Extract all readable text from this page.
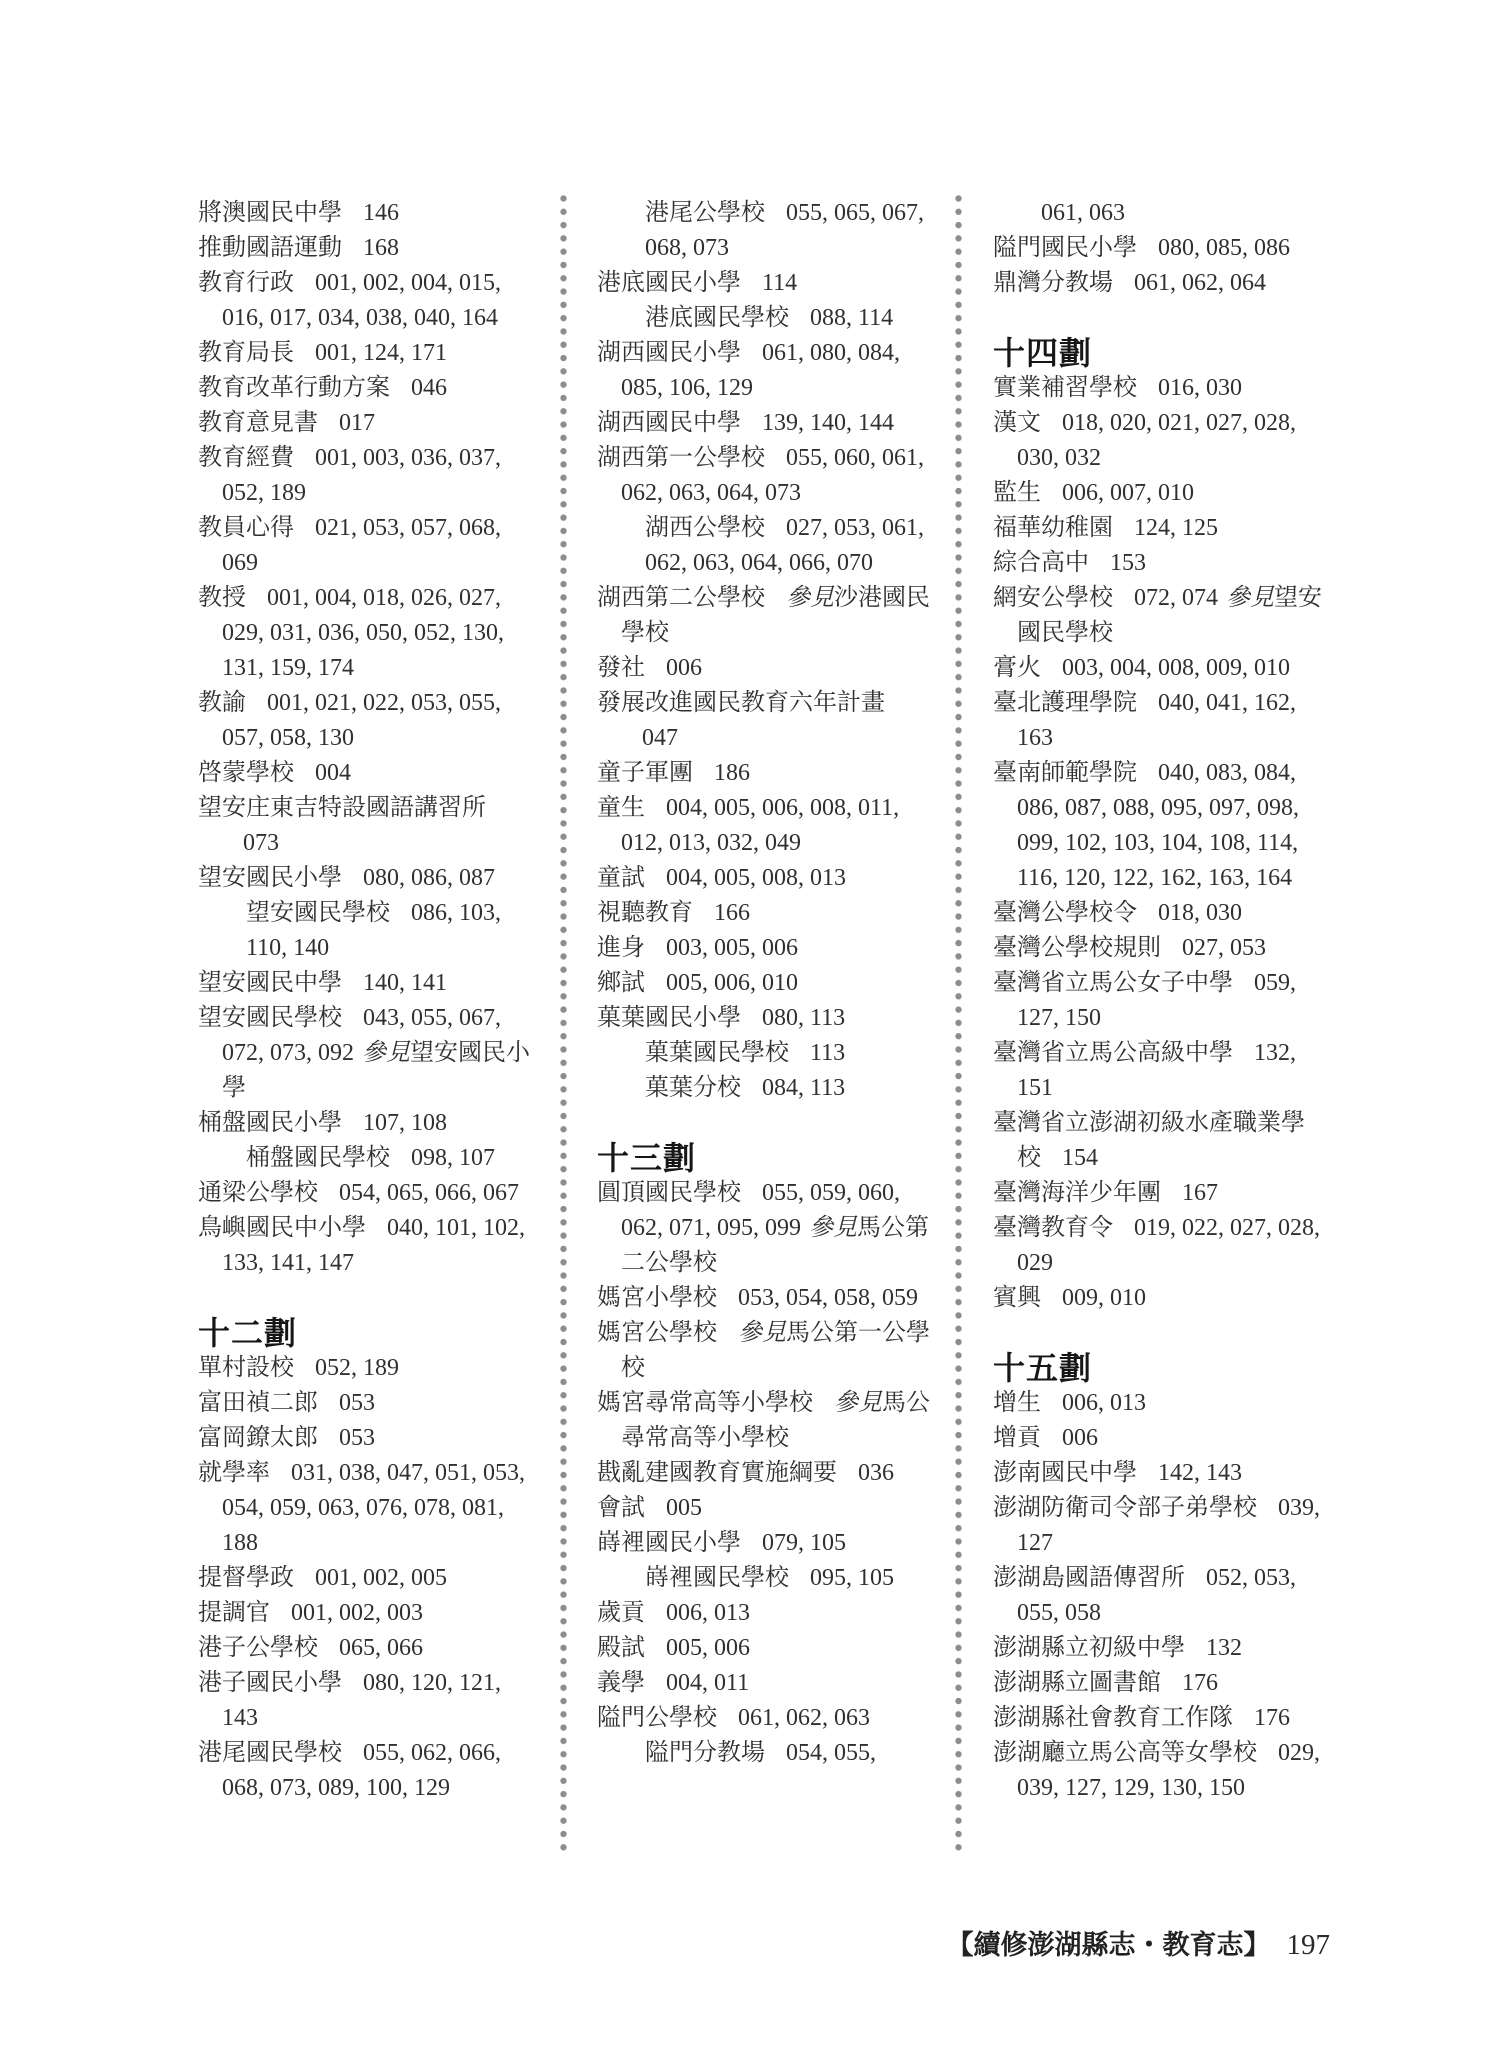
將澳國民中學 146
推動國語運動 168
教育行政 001, 002, 004, 015, 016, 017, 034, 038, 040, 164
教育局長 001, 124, 171
教育改革行動方案 046
教育意見書 017
教育經費 001, 003, 036, 037, 052, 189
教員心得 021, 053, 057, 068, 069
教授 001, 004, 018, 026, 027, 029, 031, 036, 050, 052, 130, 131, 159, 174
教諭 001, 021, 022, 053, 055, 057, 058, 130
啓蒙學校 004
望安庄東吉特設國語講習所073
望安國民小學 080, 086, 087
望安國民學校 086, 103, 110, 140
望安國民中學 140, 141
望安國民學校 043, 055, 067, 072, 073, 092 參見望安國民小學
桶盤國民小學 107, 108
桶盤國民學校 098, 107
通梁公學校 054, 065, 066, 067
鳥嶼國民中小學 040, 101, 102, 133, 141, 147
十二劃
單村設校 052, 189
富田禎二郎 053
富岡鐐太郎 053
就學率 031, 038, 047, 051, 053, 054, 059, 063, 076, 078, 081, 188
提督學政 001, 002, 005
提調官 001, 002, 003
港子公學校 065, 066
港子國民小學 080, 120, 121, 143
港尾國民學校 055, 062, 066, 068, 073, 089, 100, 129
港尾公學校 055, 065, 067, 068, 073
港底國民小學 114
港底國民學校 088, 114
湖西國民小學 061, 080, 084, 085, 106, 129
湖西國民中學 139, 140, 144
湖西第一公學校 055, 060, 061, 062, 063, 064, 073
湖西公學校 027, 053, 061, 062, 063, 064, 066, 070
湖西第二公學校 參見沙港國民學校
發社 006
發展改進國民教育六年計畫047
童子軍團 186
童生 004, 005, 006, 008, 011, 012, 013, 032, 049
童試 004, 005, 008, 013
視聽教育 166
進身 003, 005, 006
鄉試 005, 006, 010
菓葉國民小學 080, 113
菓葉國民學校 113
菓葉分校 084, 113
十三劃
圓頂國民學校 055, 059, 060, 062, 071, 095, 099 參見馬公第二公學校
媽宮小學校 053, 054, 058, 059
媽宮公學校 參見馬公第一公學校
媽宮尋常高等小學校 參見馬公尋常高等小學校
戡亂建國教育實施綱要 036
會試 005
嵵裡國民小學 079, 105
嵵裡國民學校 095, 105
歲貢 006, 013
殿試 005, 006
義學 004, 011
隘門公學校 061, 062, 063
隘門分教場 054, 055,
061, 063
隘門國民小學 080, 085, 086
鼎灣分教場 061, 062, 064
十四劃
實業補習學校 016, 030
漢文 018, 020, 021, 027, 028, 030, 032
監生 006, 007, 010
福華幼稚園 124, 125
綜合高中 153
網安公學校 072, 074 參見望安國民學校
膏火 003, 004, 008, 009, 010
臺北護理學院 040, 041, 162, 163
臺南師範學院 040, 083, 084, 086, 087, 088, 095, 097, 098, 099, 102, 103, 104, 108, 114, 116, 120, 122, 162, 163, 164
臺灣公學校令 018, 030
臺灣公學校規則 027, 053
臺灣省立馬公女子中學 059, 127, 150
臺灣省立馬公高級中學 132, 151
臺灣省立澎湖初級水產職業學校 154
臺灣海洋少年團 167
臺灣教育令 019, 022, 027, 028, 029
賓興 009, 010
十五劃
增生 006, 013
增貢 006
澎南國民中學 142, 143
澎湖防衛司令部子弟學校 039, 127
澎湖島國語傳習所 052, 053, 055, 058
澎湖縣立初級中學 132
澎湖縣立圖書館 176
澎湖縣社會教育工作隊 176
澎湖廳立馬公高等女學校 029, 039, 127, 129, 130, 150
【續修澎湖縣志・教育志】 197
